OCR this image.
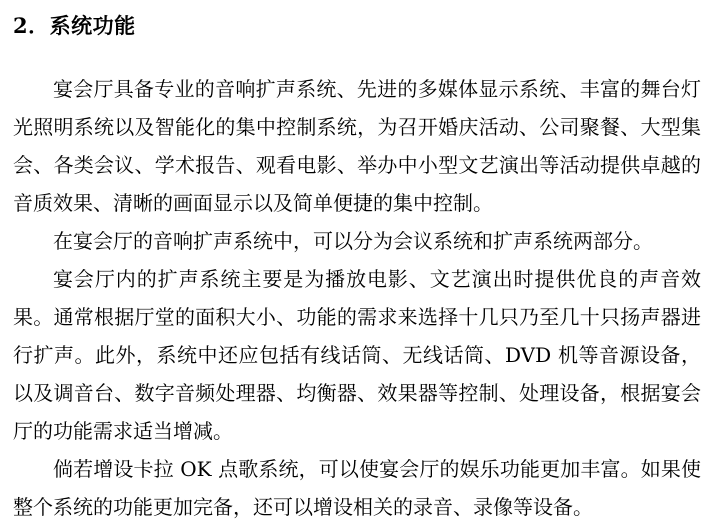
2．系统功能

宴会厅具备专业的音响扩声系统、先进的多媒体显示系统、丰富的舞台灯光照明系统以及智能化的集中控制系统，为召开婚庆活动、公司聚餐、大型集会、各类会议、学术报告、观看电影、举办中小型文艺演出等活动提供卓越的音质效果、清晰的画面显示以及简单便捷的集中控制。

在宴会厅的音响扩声系统中，可以分为会议系统和扩声系统两部分。

宴会厅内的扩声系统主要是为播放电影、文艺演出时提供优良的声音效果。通常根据厅堂的面积大小、功能的需求来选择十几只乃至几十只扬声器进行扩声。此外，系统中还应包括有线话筒、无线话筒、DVD 机等音源设备，以及调音台、数字音频处理器、均衡器、效果器等控制、处理设备，根据宴会厅的功能需求适当增减。

倘若增设卡拉 OK 点歌系统，可以使宴会厅的娱乐功能更加丰富。如果使整个系统的功能更加完备，还可以增设相关的录音、录像等设备。
